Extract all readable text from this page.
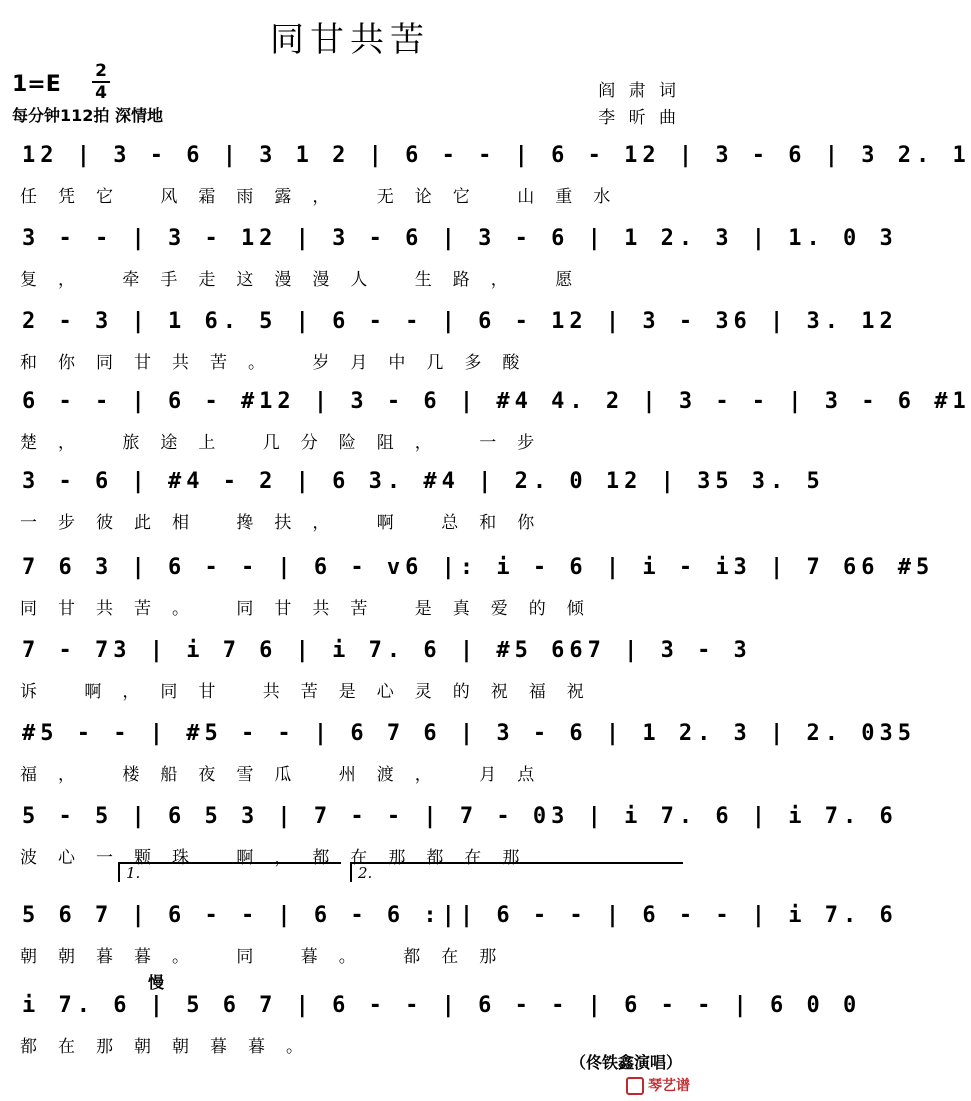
同甘共苦
1=E
2
4
每分钟112拍 深情地
阎 肃 词
李 昕 曲
12 | 3 - 6 | 3 1 2 | 6 - - | 6 - 12 | 3 - 6 | 3 2. 1
任凭它 风霜雨露， 无论它 山重水
3 - - | 3 - 12 | 3 - 6 | 3 - 6 | 1 2. 3 | 1. 0 3
复， 牵手走这漫漫人 生路， 愿
2 - 3 | 1 6. 5 | 6 - - | 6 - 12 | 3 - 36 | 3. 12
和你同甘共苦。 岁月中几多酸
6 - - | 6 - #12 | 3 - 6 | #4 4. 2 | 3 - - | 3 - 6 #1
楚， 旅途上 几分险阻， 一步
3 - 6 | #4 - 2 | 6 3. #4 | 2. 0 12 | 35 3. 5
一步彼此相 搀扶， 啊 总和你
7 6 3 | 6 - - | 6 - v6 |: i - 6 | i - i3 | 7 66 #5
同甘共苦。 同甘共苦 是真爱的倾
7 - 73 | i 7 6 | i 7. 6 | #5 667 | 3 - 3
诉 啊，同甘 共苦是心灵的祝福祝
#5 - - | #5 - - | 6 7 6 | 3 - 6 | 1 2. 3 | 2. 035
福， 楼船夜雪瓜 州渡， 月点
5 - 5 | 6 5 3 | 7 - - | 7 - 03 | i 7. 6 | i 7. 6
波心一颗珠 啊，都在那都在那
1.	2.
5 6 7 | 6 - - | 6 - 6 :|| 6 - - | 6 - - | i 7. 6
朝朝暮暮。 同 暮。 都在那
慢
i 7. 6 | 5 6 7 | 6 - - | 6 - - | 6 - - | 6 0 0
都在那朝朝暮暮。
（佟铁鑫演唱）
琴艺谱
